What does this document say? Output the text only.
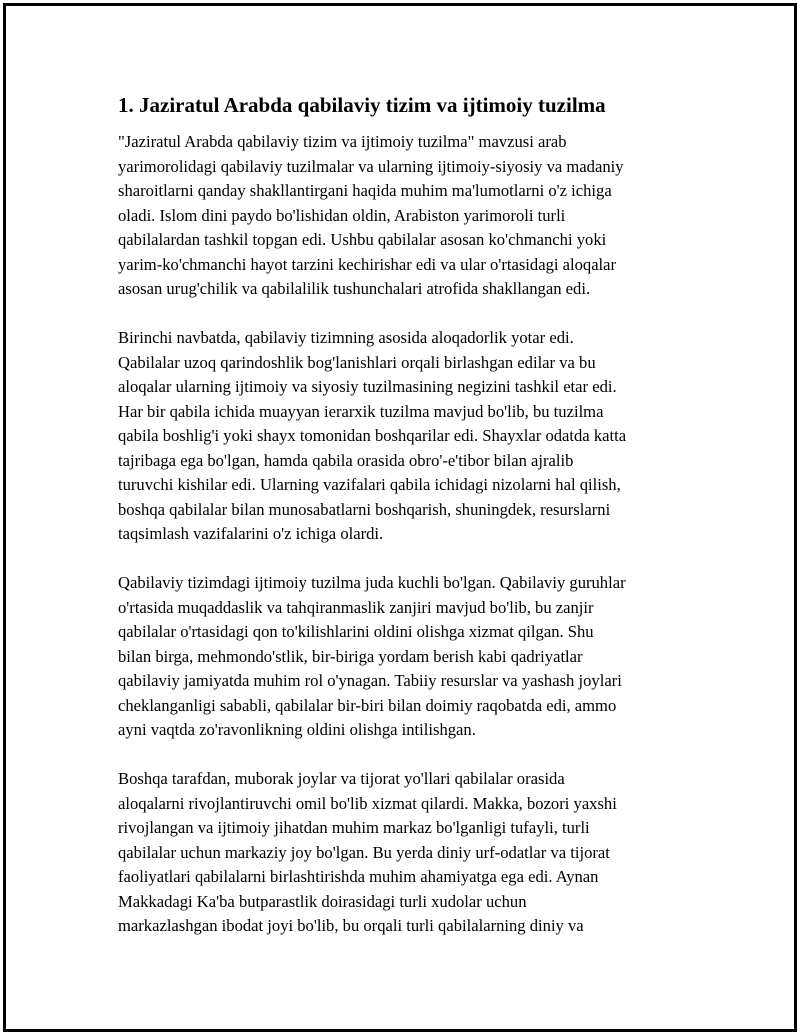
1. Jaziratul Arabda qabilaviy tizim va ijtimoiy tuzilma

"Jaziratul Arabda qabilaviy tizim va ijtimoiy tuzilma" mavzusi arab
yarimorolidagi qabilaviy tuzilmalar va ularning ijtimoiy-siyosiy va madaniy
sharoitlarni qanday shakllantirgani haqida muhim ma'lumotlarni o'z ichiga
oladi. Islom dini paydo bo'lishidan oldin, Arabiston yarimoroli turli
qabilalardan tashkil topgan edi. Ushbu qabilalar asosan ko'chmanchi yoki
yarim-ko'chmanchi hayot tarzini kechirishar edi va ular o'rtasidagi aloqalar
asosan urug'chilik va qabilalilik tushunchalari atrofida shakllangan edi.

Birinchi navbatda, qabilaviy tizimning asosida aloqadorlik yotar edi.
Qabilalar uzoq qarindoshlik bog'lanishlari orqali birlashgan edilar va bu
aloqalar ularning ijtimoiy va siyosiy tuzilmasining negizini tashkil etar edi.
Har bir qabila ichida muayyan ierarxik tuzilma mavjud bo'lib, bu tuzilma
qabila boshlig'i yoki shayx tomonidan boshqarilar edi. Shayxlar odatda katta
tajribaga ega bo'lgan, hamda qabila orasida obro'-e'tibor bilan ajralib
turuvchi kishilar edi. Ularning vazifalari qabila ichidagi nizolarni hal qilish,
boshqa qabilalar bilan munosabatlarni boshqarish, shuningdek, resurslarni
taqsimlash vazifalarini o'z ichiga olardi.

Qabilaviy tizimdagi ijtimoiy tuzilma juda kuchli bo'lgan. Qabilaviy guruhlar
o'rtasida muqaddaslik va tahqiranmaslik zanjiri mavjud bo'lib, bu zanjir
qabilalar o'rtasidagi qon to'kilishlarini oldini olishga xizmat qilgan. Shu
bilan birga, mehmondo'stlik, bir-biriga yordam berish kabi qadriyatlar
qabilaviy jamiyatda muhim rol o'ynagan. Tabiiy resurslar va yashash joylari
cheklanganligi sababli, qabilalar bir-biri bilan doimiy raqobatda edi, ammo
ayni vaqtda zo'ravonlikning oldini olishga intilishgan.

Boshqa tarafdan, muborak joylar va tijorat yo'llari qabilalar orasida
aloqalarni rivojlantiruvchi omil bo'lib xizmat qilardi. Makka, bozori yaxshi
rivojlangan va ijtimoiy jihatdan muhim markaz bo'lganligi tufayli, turli
qabilalar uchun markaziy joy bo'lgan. Bu yerda diniy urf-odatlar va tijorat
faoliyatlari qabilalarni birlashtirishda muhim ahamiyatga ega edi. Aynan
Makkadagi Ka'ba butparastlik doirasidagi turli xudolar uchun
markazlashgan ibodat joyi bo'lib, bu orqali turli qabilalarning diniy va
